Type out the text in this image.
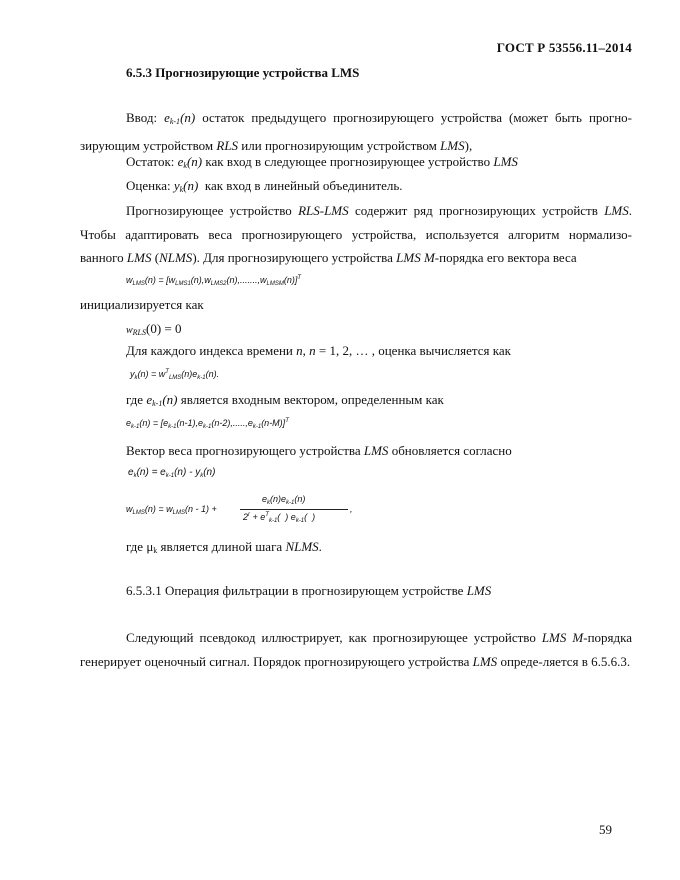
ГОСТ Р 53556.11–2014
6.5.3 Прогнозирующие устройства LMS
Ввод: $e_{k-1}(n)$ остаток предыдущего прогнозирующего устройства (может быть прогно-зирующим устройством RLS или прогнозирующим устройством LMS),
Остаток: $e_k(n)$ как вход в следующее прогнозирующее устройство LMS
Оценка: $y_k(n)$ как вход в линейный объединитель.
Прогнозирующее устройство RLS-LMS содержит ряд прогнозирующих устройств LMS. Чтобы адаптировать веса прогнозирующего устройства, используется алгоритм нормализо-ванного LMS (NLMS). Для прогнозирующего устройства LMS M-порядка его вектора веса
$w_{LMS}(n) = [w_{LMS1}(n),w_{LMS2}(n),.......,w_{LMSM}(n)]^T$
инициализируется как
$w_{RLS}(0) = 0$
Для каждого индекса времени n, n = 1, 2, … , оценка вычисляется как
$y_k(n) = w^T_{LMS}(n)e_{k-1}(n)$.
где $e_{k-1}(n)$ является входным вектором, определенным как
$e_{k-1}(n) = [e_{k-1}(n-1),e_{k-1}(n-2),.....,e_{k-1}(n-M)]^T$
Вектор веса прогнозирующего устройства LMS обновляется согласно
$e_k(n) = e_{k-1}(n) - y_k(n)$
$w_{LMS}(n) = w_{LMS}(n - 1)$ +
$e_k(n)e_{k-1}(n)$
$2^r + e^T_{k-1}$(  ) $e_{k-1}$(  )
,
где $\mu_k$ является длиной шага NLMS.
6.5.3.1 Операция фильтрации в прогнозирующем устройстве LMS
Следующий псевдокод иллюстрирует, как прогнозирующее устройство LMS M-порядка генерирует оценочный сигнал. Порядок прогнозирующего устройства LMS опреде-ляется в 6.5.6.3.
59
